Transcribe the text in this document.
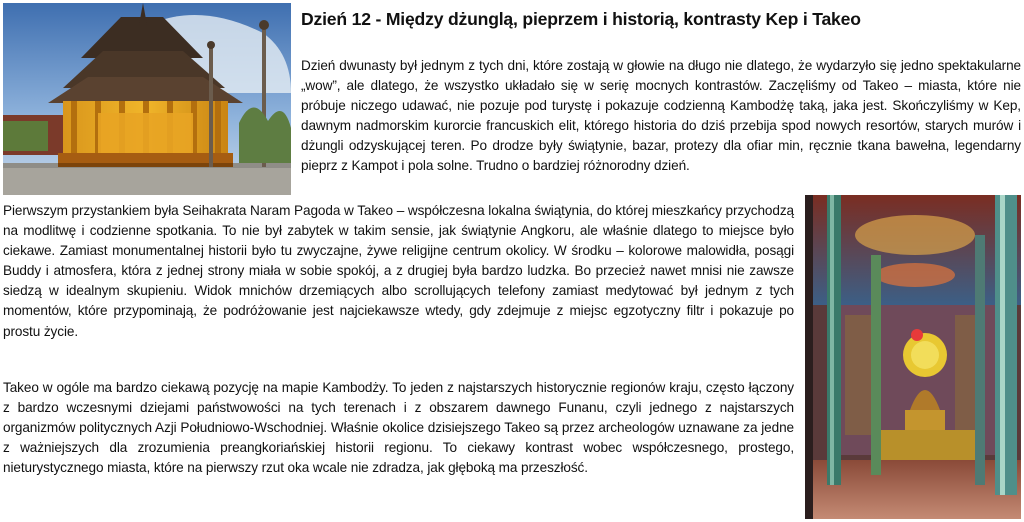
Dzień 12 - Między dżunglą, pieprzem i historią, kontrasty Kep i Takeo

Dzień dwunasty był jednym z tych dni, które zostają w głowie na długo nie dlatego, że wydarzyło się jedno spektakularne „wow”, ale dlatego, że wszystko układało się w serię mocnych kontrastów. Zaczęliśmy od Takeo – miasta, które nie próbuje niczego udawać, nie pozuje pod turystę i pokazuje codzienną Kambodżę taką, jaka jest. Skończyliśmy w Kep, dawnym nadmorskim kurorcie francuskich elit, którego historia do dziś przebija spod nowych resortów, starych murów i dżungli odzyskującej teren. Po drodze były świątynie, bazar, protezy dla ofiar min, ręcznie tkana bawełna, legendarny pieprz z Kampot i pola solne. Trudno o bardziej różnorodny dzień.

Pierwszym przystankiem była Seihakrata Naram Pagoda w Takeo – współczesna lokalna świątynia, do której mieszkańcy przychodzą na modlitwę i codzienne spotkania. To nie był zabytek w takim sensie, jak świątynie Angkoru, ale właśnie dlatego to miejsce było ciekawe. Zamiast monumentalnej historii było tu zwyczajne, żywe religijne centrum okolicy. W środku – kolorowe malowidła, posągi Buddy i atmosfera, która z jednej strony miała w sobie spokój, a z drugiej była bardzo ludzka. Bo przecież nawet mnisi nie zawsze siedzą w idealnym skupieniu. Widok mnichów drzemiących albo scrollujących telefony zamiast medytować był jednym z tych momentów, które przypominają, że podróżowanie jest najciekawsze wtedy, gdy zdejmuje z miejsc egzotyczny filtr i pokazuje po prostu życie.

Takeo w ogóle ma bardzo ciekawą pozycję na mapie Kambodży. To jeden z najstarszych historycznie regionów kraju, często łączony z bardzo wczesnymi dziejami państwowości na tych terenach i z obszarem dawnego Funanu, czyli jednego z najstarszych organizmów politycznych Azji Południowo-Wschodniej. Właśnie okolice dzisiejszego Takeo są przez archeologów uznawane za jedne z ważniejszych dla zrozumienia preangkoriańskiej historii regionu. To ciekawy kontrast wobec współczesnego, prostego, nieturystycznego miasta, które na pierwszy rzut oka wcale nie zdradza, jak głęboką ma przeszłość.
